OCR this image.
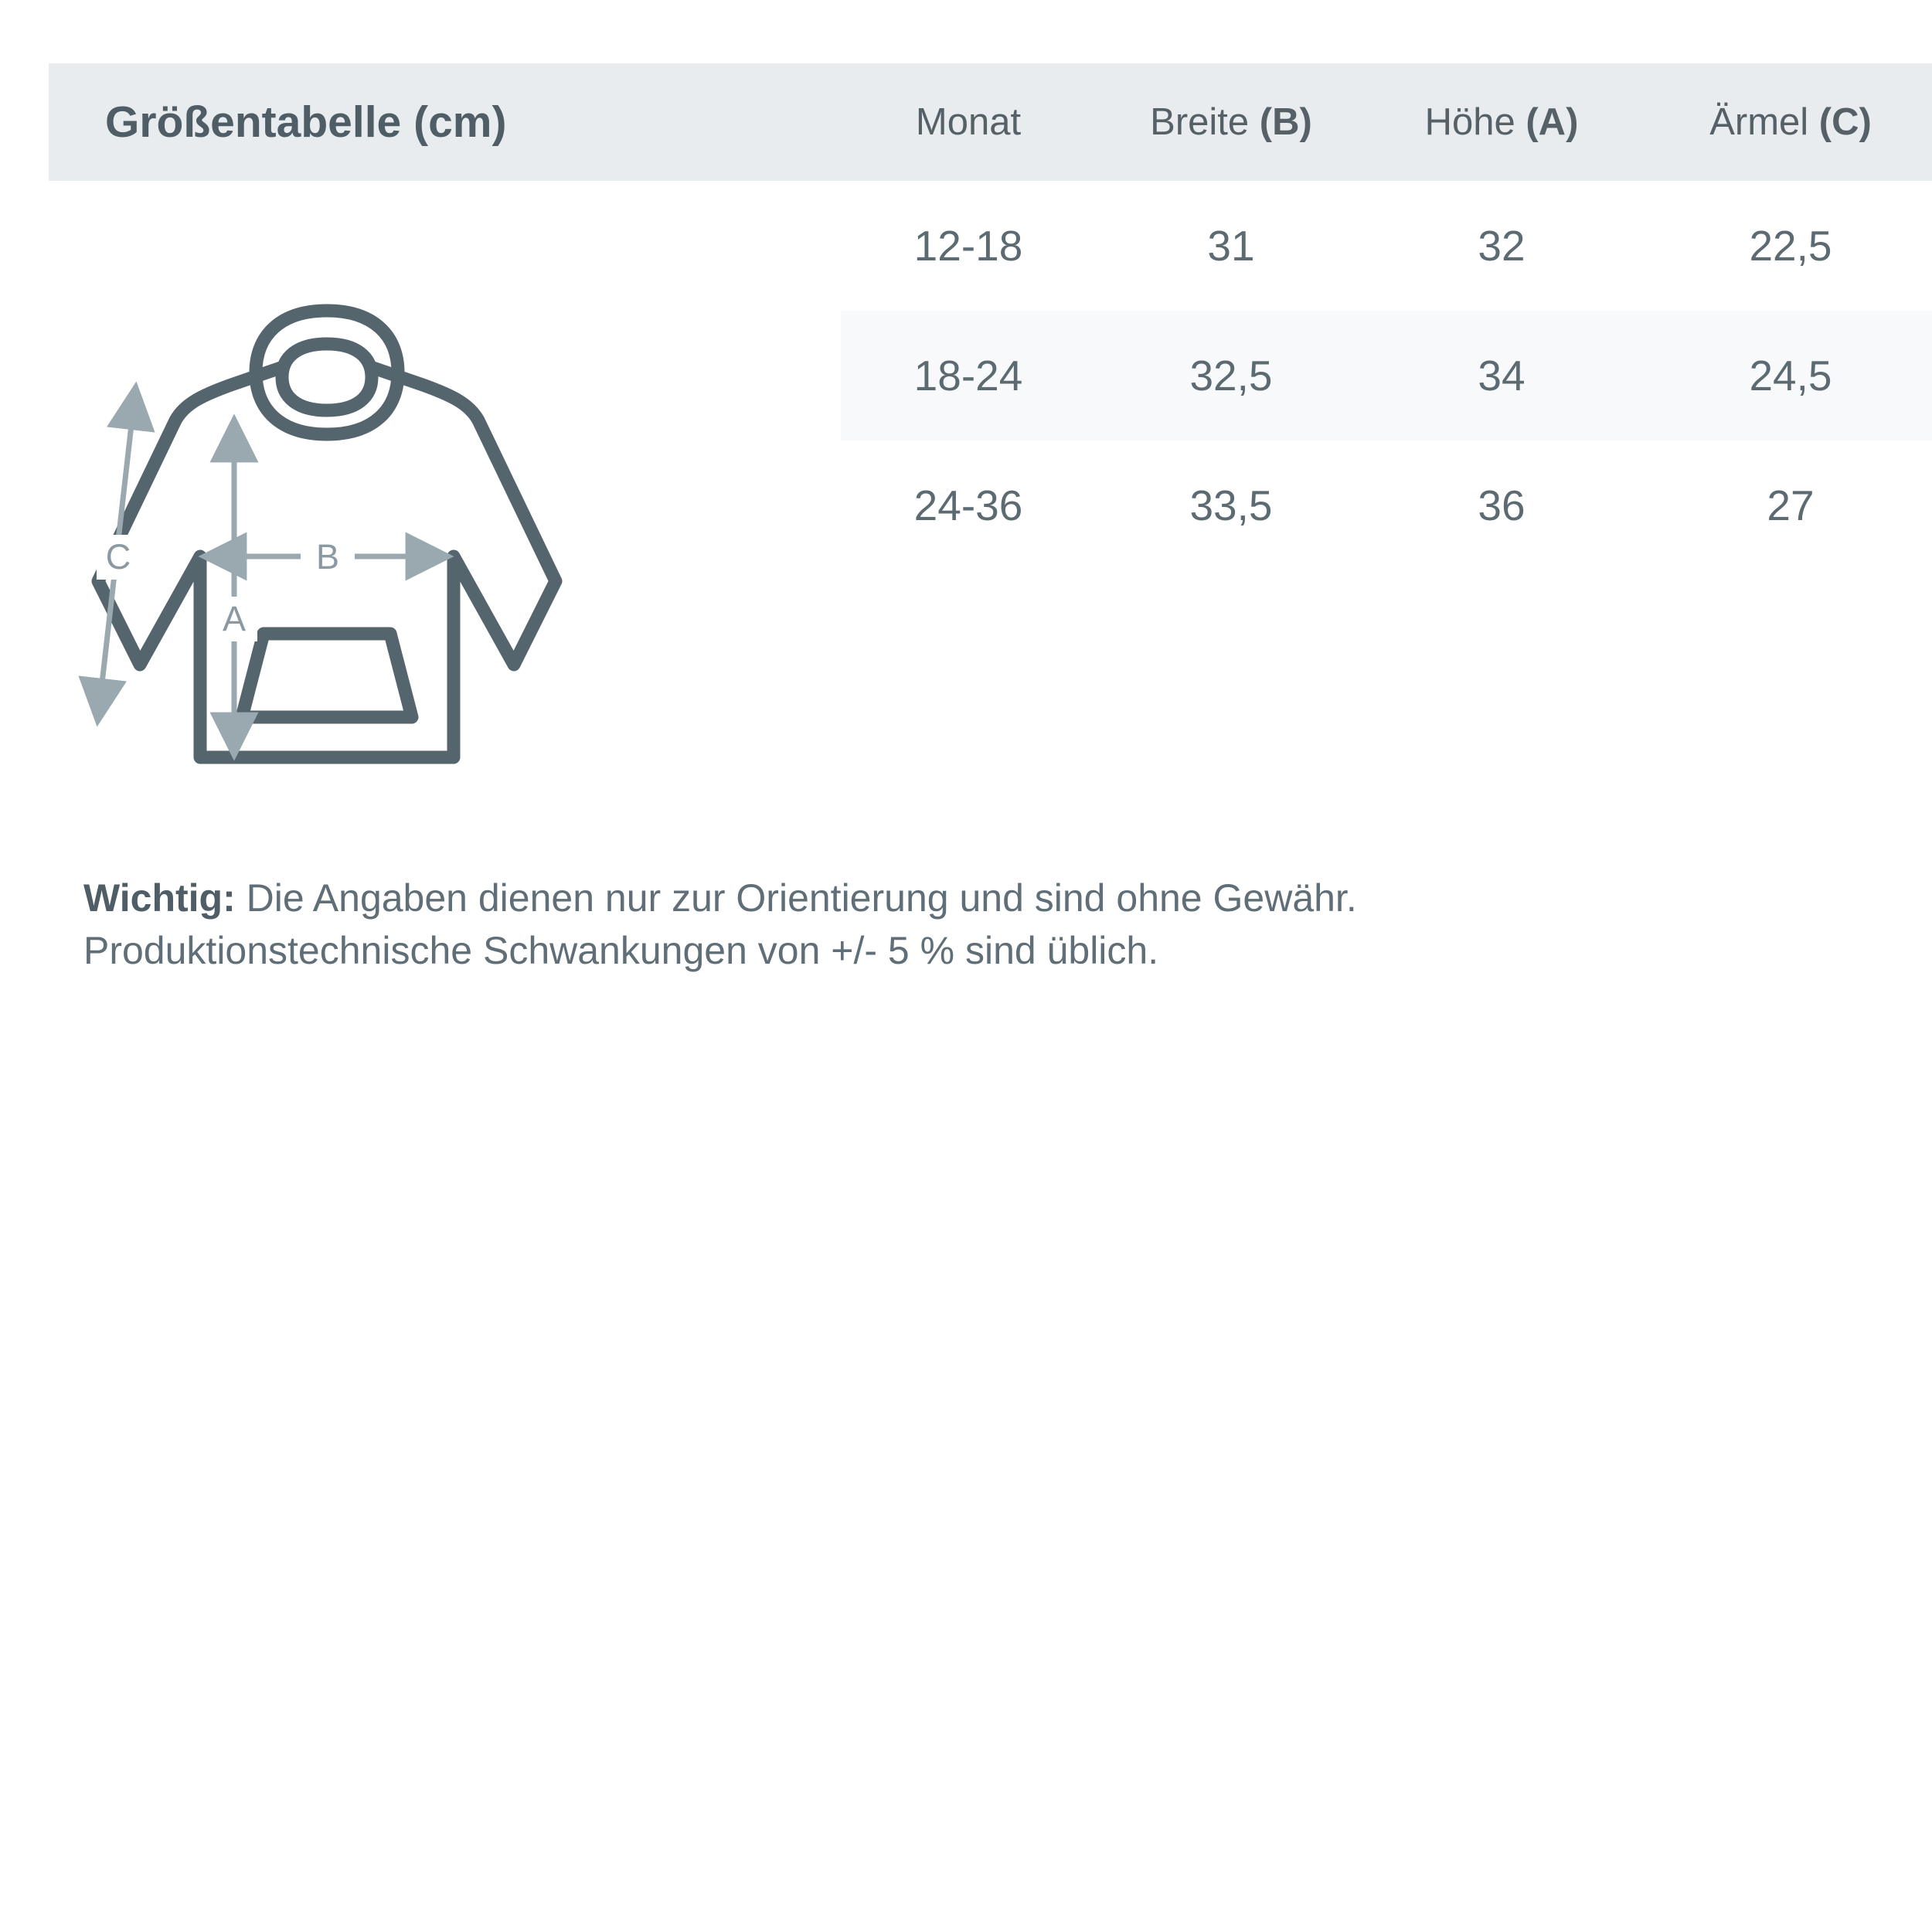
Größentabelle (cm)	Monat	Breite (B)	Höhe (A)	Ärmel (C)
	12-18	31	32	22,5
	18-24	32,5	34	24,5
	24-36	33,5	36	27
B
A
C
Wichtig: Die Angaben dienen nur zur Orientierung und sind ohne Gewähr.
Produktionstechnische Schwankungen von +/- 5 % sind üblich.
